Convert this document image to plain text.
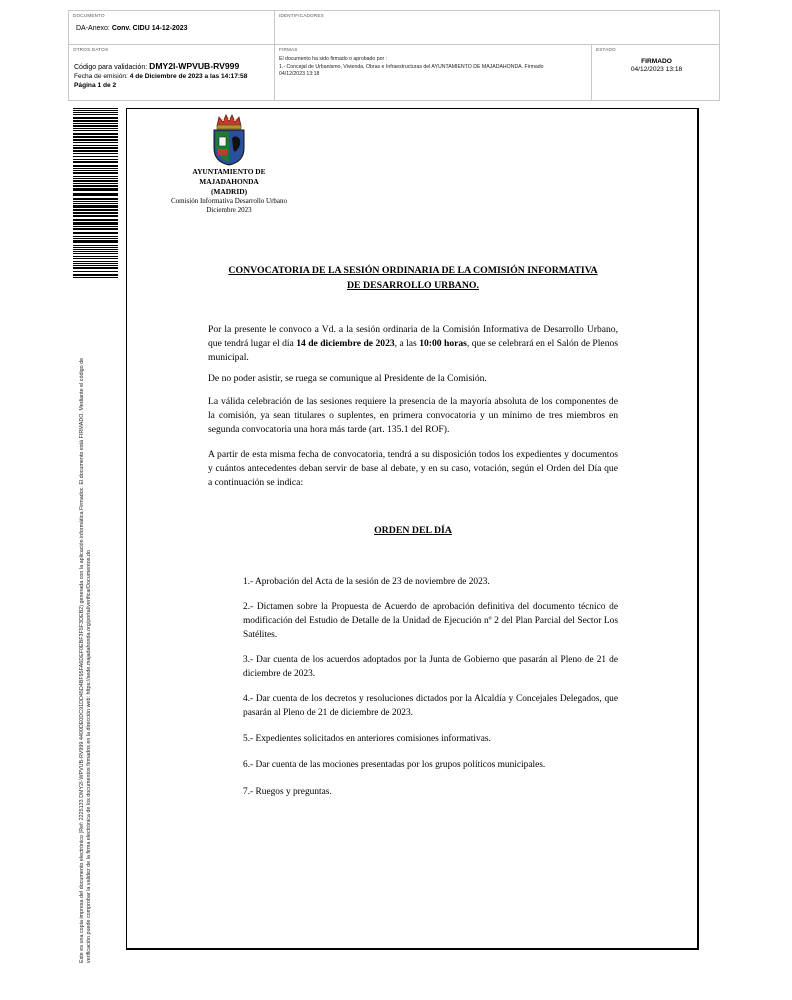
DOCUMENTO
DA-Anexo: Conv. CIDU 14-12-2023
IDENTIFICADORES
OTROS DATOS
Código para validación: DMY2I-WPVUB-RV999
Fecha de emisión: 4 de Diciembre de 2023 a las 14:17:58
Página 1 de 2
FIRMAS
El documento ha sido firmado o aprobado por :
1.- Concejal de Urbanismo, Vivienda, Obras e Infraestructuras del AYUNTAMIENTO DE MAJADAHONDA. Firmado
04/12/2023 13:18
ESTADO
FIRMADO
04/12/2023 13:18
Este es una copia impresa del documento electrónico (Ref: 2225133 DMY2I-WPVUB-RV999 4400DE0DC91DD45D4BF95FA6DEF0EBF3F5F3DEB2) generada con la aplicación informática Firmadoc. El documento está FIRMADO. Mediante el código de verificación puede comprobar la validez de la firma electrónica de los documentos firmados en la dirección web: https://sede.majadahonda.org/portal/verificarDocumentos.do
AYUNTAMIENTO DE
MAJADAHONDA
(MADRID)
Comisión Informativa Desarrollo Urbano
Diciembre 2023
CONVOCATORIA DE LA SESIÓN ORDINARIA DE LA COMISIÓN INFORMATIVA
DE DESARROLLO URBANO.
Por la presente le convoco a Vd. a la sesión ordinaria de la Comisión Informativa de Desarrollo Urbano, que tendrá lugar el día 14 de diciembre de 2023, a las 10:00 horas, que se celebrará en el Salón de Plenos municipal.
De no poder asistir, se ruega se comunique al Presidente de la Comisión.
La válida celebración de las sesiones requiere la presencia de la mayoría absoluta de los componentes de la comisión, ya sean titulares o suplentes, en primera convocatoria y un mínimo de tres miembros en segunda convocatoria una hora más tarde (art. 135.1 del ROF).
A partir de esta misma fecha de convocatoria, tendrá a su disposición todos los expedientes y documentos y cuántos antecedentes deban servir de base al debate, y en su caso, votación, según el Orden del Día que a continuación se indica:
ORDEN DEL DÍA
1.- Aprobación del Acta de la sesión de 23 de noviembre de 2023.
2.- Dictamen sobre la Propuesta de Acuerdo de aprobación definitiva del documento técnico de modificación del Estudio de Detalle de la Unidad de Ejecución nº 2 del Plan Parcial del Sector Los Satélites.
3.- Dar cuenta de los acuerdos adoptados por la Junta de Gobierno que pasarán al Pleno de 21 de diciembre de 2023.
4.- Dar cuenta de los decretos y resoluciones dictados por la Alcaldía y Concejales Delegados, que pasarán al Pleno de 21 de diciembre de 2023.
5.- Expedientes solicitados en anteriores comisiones informativas.
6.- Dar cuenta de las mociones presentadas por los grupos políticos municipales.
7.- Ruegos y preguntas.
